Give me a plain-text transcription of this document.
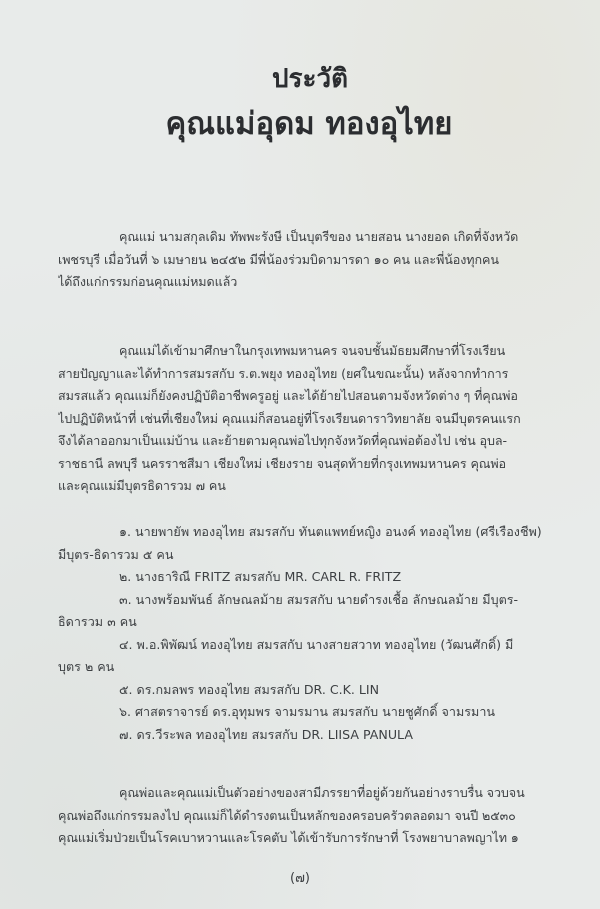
ประวัติ
คุณแม่อุดม ทองอุไทย
คุณแม่ นามสกุลเดิม ทัพพะรังษี เป็นบุตรีของ นายสอน นางยอด เกิดที่จังหวัด
เพชรบุรี เมื่อวันที่ ๖ เมษายน ๒๔๕๒ มีพี่น้องร่วมบิดามารดา ๑๐ คน และพี่น้องทุกคน
ได้ถึงแก่กรรมก่อนคุณแม่หมดแล้ว
คุณแม่ได้เข้ามาศึกษาในกรุงเทพมหานคร จนจบชั้นมัธยมศึกษาที่โรงเรียน
สายปัญญาและได้ทำการสมรสกับ ร.ต.พยุง ทองอุไทย (ยศในขณะนั้น) หลังจากทำการ
สมรสแล้ว คุณแม่ก็ยังคงปฏิบัติอาชีพครูอยู่ และได้ย้ายไปสอนตามจังหวัดต่าง ๆ ที่คุณพ่อ
ไปปฏิบัติหน้าที่ เช่นที่เชียงใหม่ คุณแม่ก็สอนอยู่ที่โรงเรียนดาราวิทยาลัย จนมีบุตรคนแรก
จึงได้ลาออกมาเป็นแม่บ้าน และย้ายตามคุณพ่อไปทุกจังหวัดที่คุณพ่อต้องไป เช่น อุบล-
ราชธานี ลพบุรี นครราชสีมา เชียงใหม่ เชียงราย จนสุดท้ายที่กรุงเทพมหานคร คุณพ่อ
และคุณแม่มีบุตรธิดารวม ๗ คน
๑. นายพายัพ ทองอุไทย สมรสกับ ทันตแพทย์หญิง อนงค์ ทองอุไทย (ศรีเรืองชีพ)
มีบุตร-ธิดารวม ๕ คน
๒. นางธาริณี FRITZ สมรสกับ MR. CARL R. FRITZ
๓. นางพร้อมพันธ์ ลักษณลม้าย สมรสกับ นายดำรงเชื้อ ลักษณลม้าย มีบุตร-
ธิดารวม ๓ คน
๔. พ.อ.พิพัฒน์ ทองอุไทย สมรสกับ นางสายสวาท ทองอุไทย (วัฒนศักดิ์) มี
บุตร ๒ คน
๕. ดร.กมลพร ทองอุไทย สมรสกับ DR. C.K. LIN
๖. ศาสตราจารย์ ดร.อุทุมพร จามรมาน สมรสกับ นายชูศักดิ์ จามรมาน
๗. ดร.วีระพล ทองอุไทย สมรสกับ DR. LIISA PANULA
คุณพ่อและคุณแม่เป็นตัวอย่างของสามีภรรยาที่อยู่ด้วยกันอย่างราบรื่น จวบจน
คุณพ่อถึงแก่กรรมลงไป คุณแม่ก็ได้ดำรงตนเป็นหลักของครอบครัวตลอดมา จนปี ๒๕๓๐
คุณแม่เริ่มป่วยเป็นโรคเบาหวานและโรคตับ ได้เข้ารับการรักษาที่ โรงพยาบาลพญาไท ๑
(๗)
